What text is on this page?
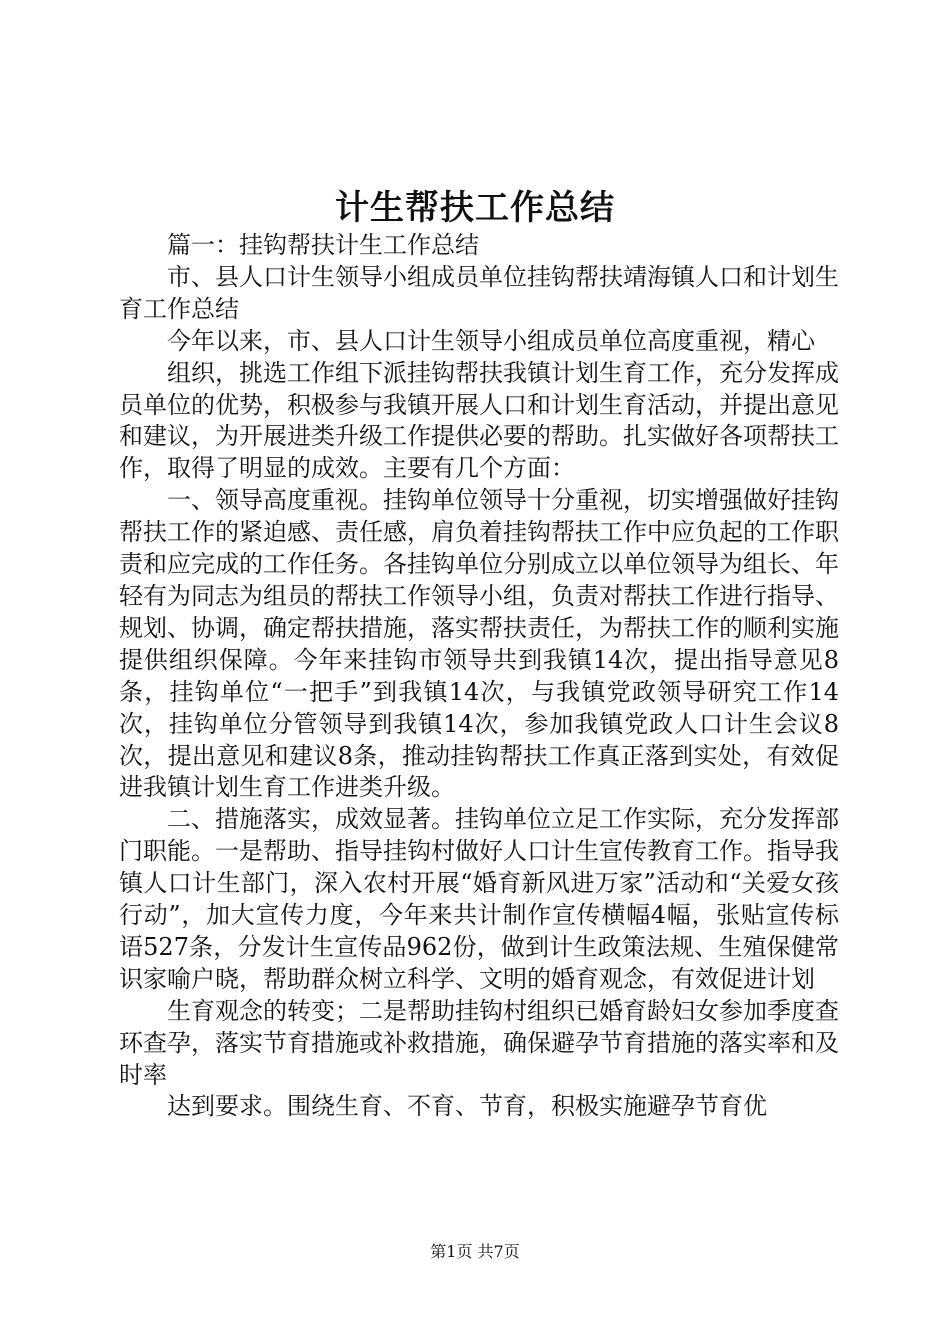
计生帮扶工作总结

篇一：挂钩帮扶计生工作总结

市、县人口计生领导小组成员单位挂钩帮扶靖海镇人口和计划生育工作总结

今年以来，市、县人口计生领导小组成员单位高度重视，精心

组织，挑选工作组下派挂钩帮扶我镇计划生育工作，充分发挥成员单位的优势，积极参与我镇开展人口和计划生育活动，并提出意见和建议，为开展进类升级工作提供必要的帮助。扎实做好各项帮扶工作，取得了明显的成效。主要有几个方面：

一、领导高度重视。挂钩单位领导十分重视，切实增强做好挂钩帮扶工作的紧迫感、责任感，肩负着挂钩帮扶工作中应负起的工作职责和应完成的工作任务。各挂钩单位分别成立以单位领导为组长、年轻有为同志为组员的帮扶工作领导小组，负责对帮扶工作进行指导、规划、协调，确定帮扶措施，落实帮扶责任，为帮扶工作的顺利实施提供组织保障。今年来挂钩市领导共到我镇14次，提出指导意见8条，挂钩单位“一把手”到我镇14次，与我镇党政领导研究工作14次，挂钩单位分管领导到我镇14次，参加我镇党政人口计生会议8次，提出意见和建议8条，推动挂钩帮扶工作真正落到实处，有效促进我镇计划生育工作进类升级。

二、措施落实，成效显著。挂钩单位立足工作实际，充分发挥部门职能。一是帮助、指导挂钩村做好人口计生宣传教育工作。指导我镇人口计生部门，深入农村开展“婚育新风进万家”活动和“关爱女孩行动”，加大宣传力度，今年来共计制作宣传横幅4幅，张贴宣传标语527条，分发计生宣传品962份，做到计生政策法规、生殖保健常识家喻户晓，帮助群众树立科学、文明的婚育观念，有效促进计划

生育观念的转变；二是帮助挂钩村组织已婚育龄妇女参加季度查环查孕，落实节育措施或补救措施，确保避孕节育措施的落实率和及时率

达到要求。围绕生育、不育、节育，积极实施避孕节育优

第1页 共7页
